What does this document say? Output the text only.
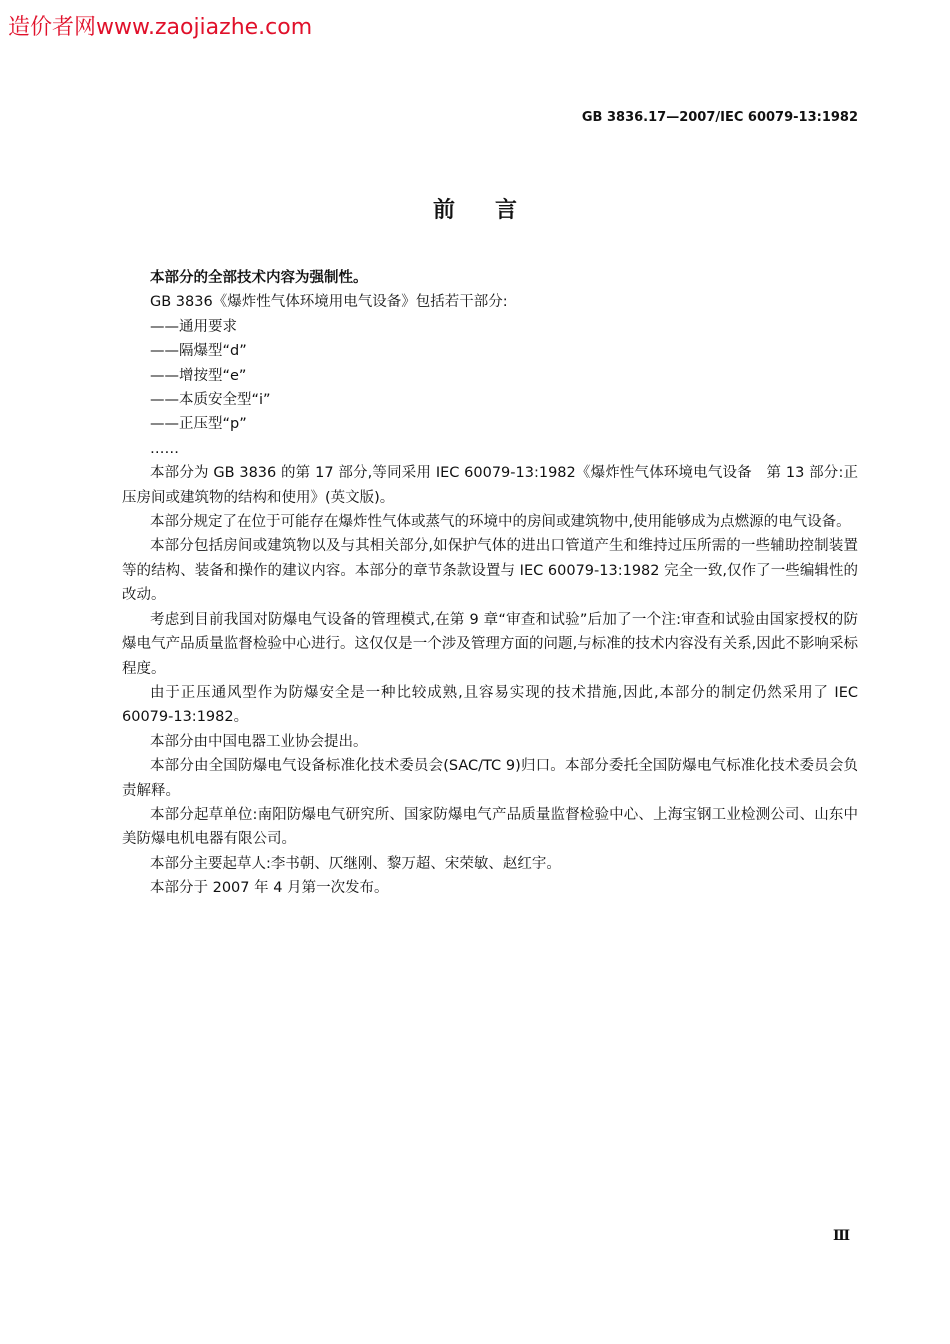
造价者网www.zaojiazhe.com
GB 3836.17—2007/IEC 60079-13:1982
前言

本部分的全部技术内容为强制性。

GB 3836《爆炸性气体环境用电气设备》包括若干部分:

——通用要求

——隔爆型“d”

——增按型“e”

——本质安全型“i”

——正压型“p”

……

本部分为 GB 3836 的第 17 部分,等同采用 IEC 60079-13:1982《爆炸性气体环境电气设备　第 13 部分:正压房间或建筑物的结构和使用》(英文版)。

本部分规定了在位于可能存在爆炸性气体或蒸气的环境中的房间或建筑物中,使用能够成为点燃源的电气设备。

本部分包括房间或建筑物以及与其相关部分,如保护气体的进出口管道产生和维持过压所需的一些辅助控制装置等的结构、装备和操作的建议内容。本部分的章节条款设置与 IEC 60079-13:1982 完全一致,仅作了一些编辑性的改动。

考虑到目前我国对防爆电气设备的管理模式,在第 9 章“审查和试验”后加了一个注:审查和试验由国家授权的防爆电气产品质量监督检验中心进行。这仅仅是一个涉及管理方面的问题,与标准的技术内容没有关系,因此不影响采标程度。

由于正压通风型作为防爆安全是一种比较成熟,且容易实现的技术措施,因此,本部分的制定仍然采用了 IEC 60079-13:1982。

本部分由中国电器工业协会提出。

本部分由全国防爆电气设备标准化技术委员会(SAC/TC 9)归口。本部分委托全国防爆电气标准化技术委员会负责解释。

本部分起草单位:南阳防爆电气研究所、国家防爆电气产品质量监督检验中心、上海宝钢工业检测公司、山东中美防爆电机电器有限公司。

本部分主要起草人:李书朝、仄继刚、黎万超、宋荣敏、赵红宇。

本部分于 2007 年 4 月第一次发布。

Ⅲ
